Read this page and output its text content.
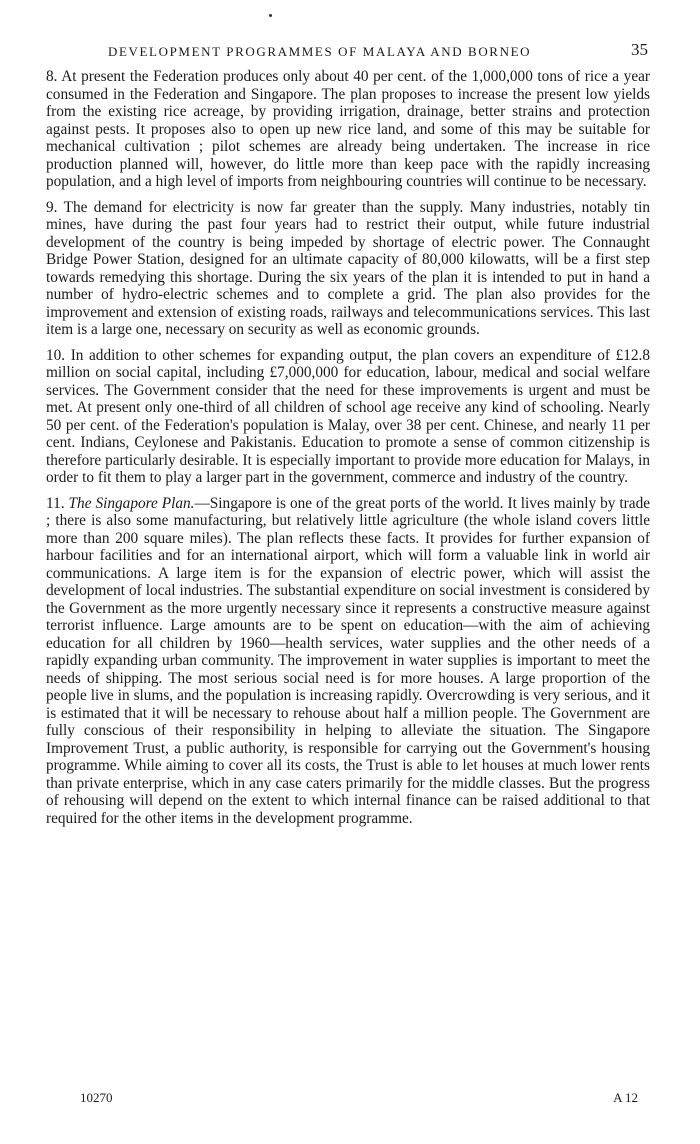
DEVELOPMENT PROGRAMMES OF MALAYA AND BORNEO	35

8. At present the Federation produces only about 40 per cent. of the 1,000,000 tons of rice a year consumed in the Federation and Singapore. The plan proposes to increase the present low yields from the existing rice acreage, by providing irrigation, drainage, better strains and protection against pests. It proposes also to open up new rice land, and some of this may be suitable for mechanical cultivation ; pilot schemes are already being undertaken. The increase in rice production planned will, however, do little more than keep pace with the rapidly increasing population, and a high level of imports from neighbouring countries will continue to be necessary.

9. The demand for electricity is now far greater than the supply. Many industries, notably tin mines, have during the past four years had to restrict their output, while future industrial development of the country is being impeded by shortage of electric power. The Connaught Bridge Power Station, designed for an ultimate capacity of 80,000 kilowatts, will be a first step towards remedying this shortage. During the six years of the plan it is intended to put in hand a number of hydro-electric schemes and to complete a grid. The plan also provides for the improvement and extension of existing roads, railways and telecommunications services. This last item is a large one, necessary on security as well as economic grounds.

10. In addition to other schemes for expanding output, the plan covers an expenditure of £12.8 million on social capital, including £7,000,000 for education, labour, medical and social welfare services. The Government consider that the need for these improvements is urgent and must be met. At present only one-third of all children of school age receive any kind of schooling. Nearly 50 per cent. of the Federation's population is Malay, over 38 per cent. Chinese, and nearly 11 per cent. Indians, Ceylonese and Pakistanis. Education to promote a sense of common citizenship is therefore particularly desirable. It is especially important to provide more education for Malays, in order to fit them to play a larger part in the government, commerce and industry of the country.

11. The Singapore Plan.—Singapore is one of the great ports of the world. It lives mainly by trade ; there is also some manufacturing, but relatively little agriculture (the whole island covers little more than 200 square miles). The plan reflects these facts. It provides for further expansion of harbour facilities and for an international airport, which will form a valuable link in world air communications. A large item is for the expansion of electric power, which will assist the development of local industries. The substantial expenditure on social investment is considered by the Government as the more urgently necessary since it represents a constructive measure against terrorist influence. Large amounts are to be spent on education—with the aim of achieving education for all children by 1960—health services, water supplies and the other needs of a rapidly expanding urban community. The improvement in water supplies is important to meet the needs of shipping. The most serious social need is for more houses. A large proportion of the people live in slums, and the population is increasing rapidly. Overcrowding is very serious, and it is estimated that it will be necessary to rehouse about half a million people. The Government are fully conscious of their responsibility in helping to alleviate the situation. The Singapore Improvement Trust, a public authority, is responsible for carrying out the Government's housing programme. While aiming to cover all its costs, the Trust is able to let houses at much lower rents than private enterprise, which in any case caters primarily for the middle classes. But the progress of rehousing will depend on the extent to which internal finance can be raised additional to that required for the other items in the development programme.

10270	A 12
